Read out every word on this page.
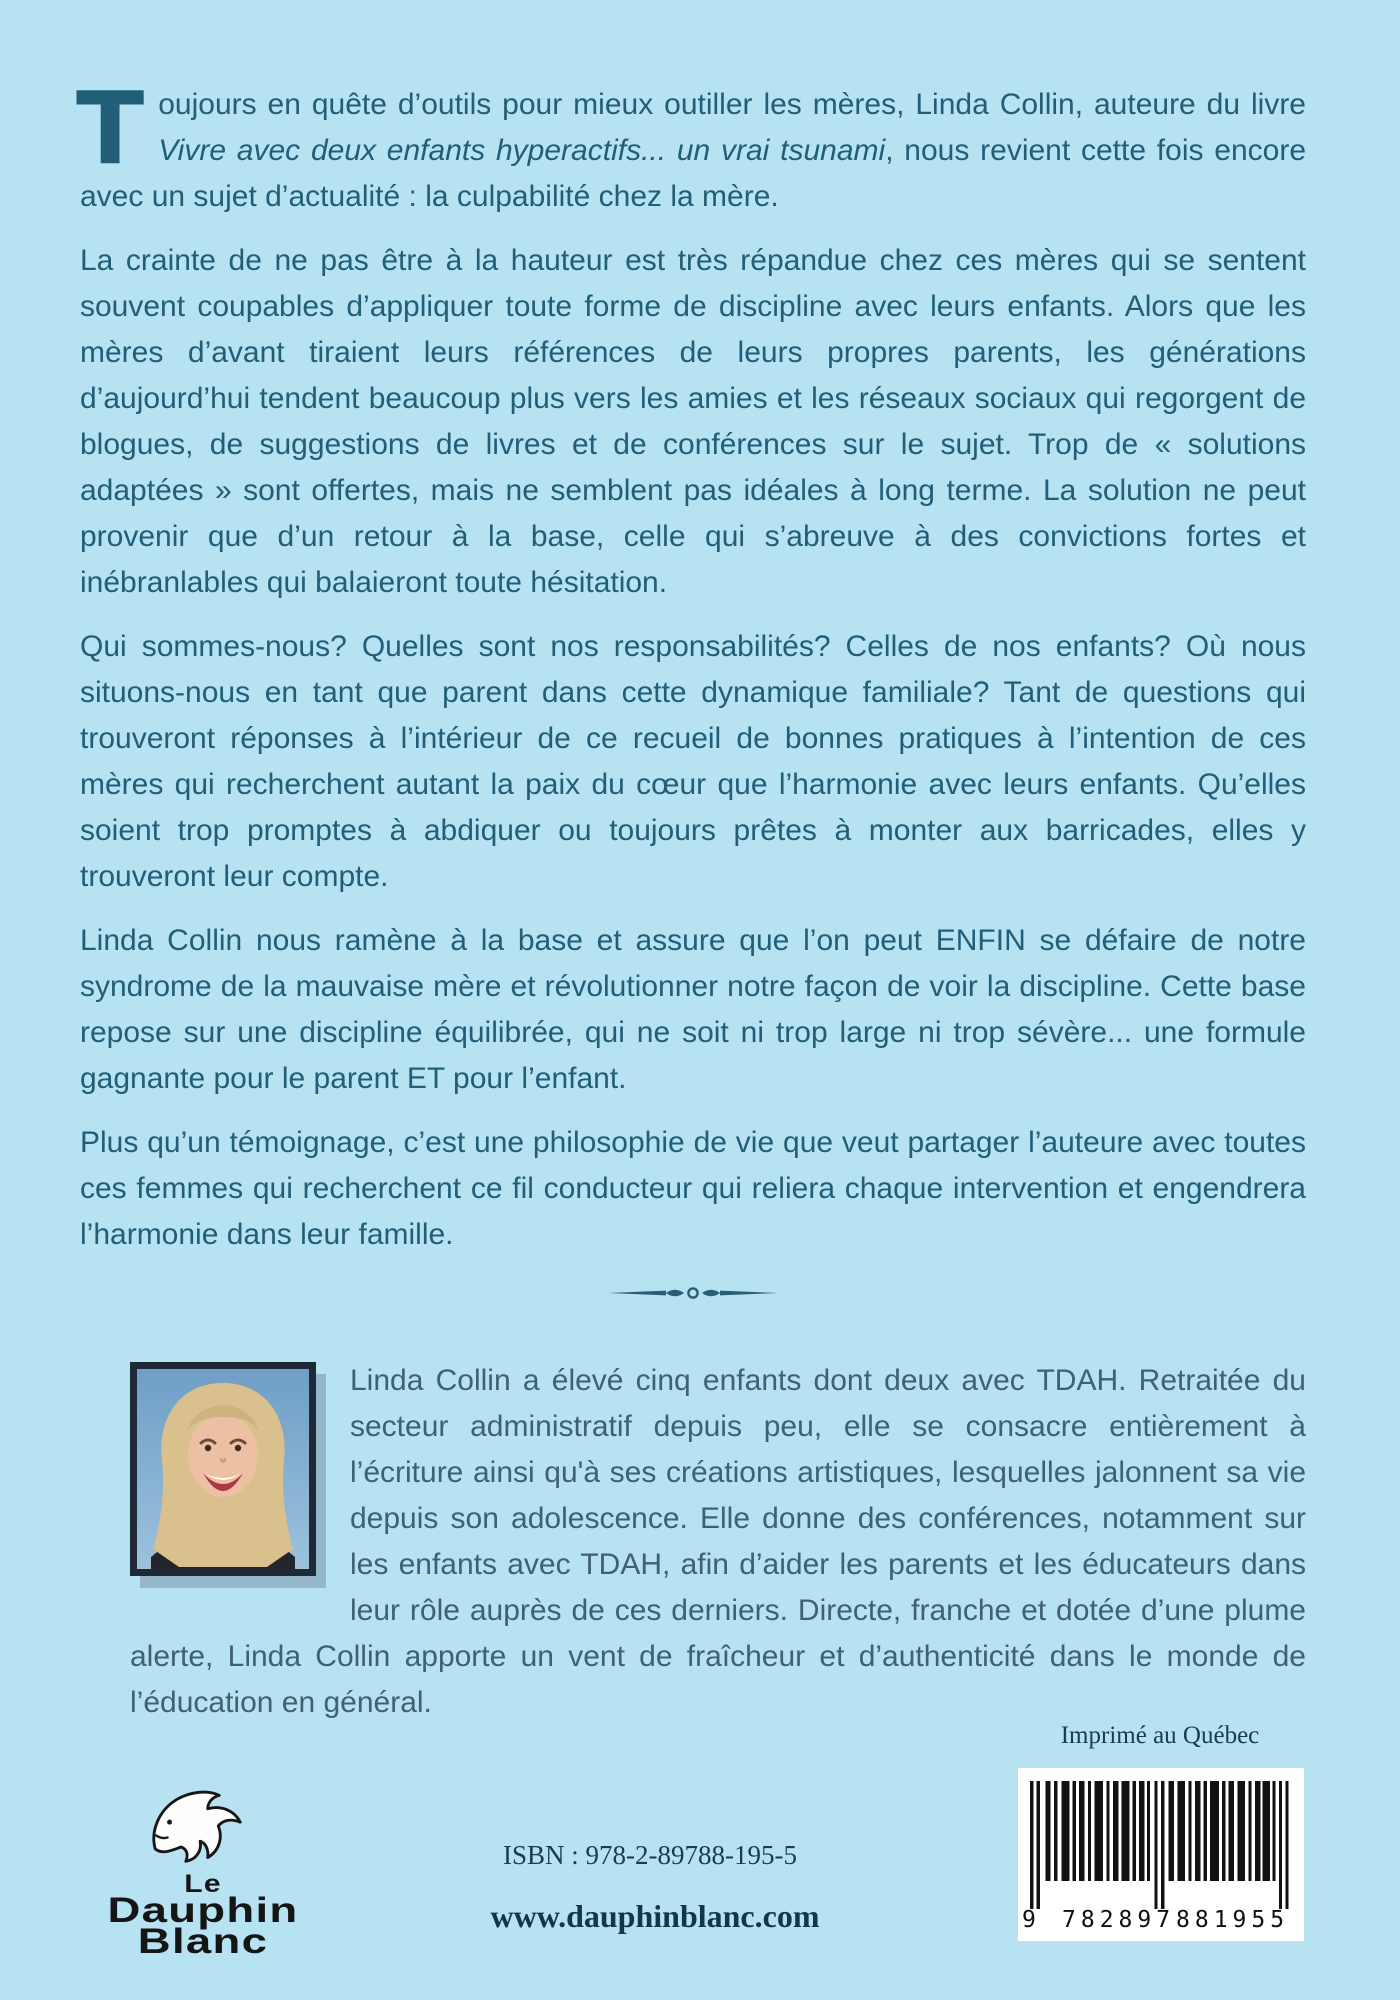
Toujours en quête d’outils pour mieux outiller les mères, Linda Collin, auteure du livre Vivre avec deux enfants hyperactifs... un vrai tsunami, nous revient cette fois encore avec un sujet d’actualité : la culpabilité chez la mère.

La crainte de ne pas être à la hauteur est très répandue chez ces mères qui se sentent souvent coupables d’appliquer toute forme de discipline avec leurs enfants. Alors que les mères d’avant tiraient leurs références de leurs propres parents, les générations d’aujourd’hui tendent beaucoup plus vers les amies et les réseaux sociaux qui regorgent de blogues, de suggestions de livres et de conférences sur le sujet. Trop de « solutions adaptées » sont offertes, mais ne semblent pas idéales à long terme. La solution ne peut provenir que d’un retour à la base, celle qui s’abreuve à des convictions fortes et inébranlables qui balaieront toute hésitation.

Qui sommes-nous? Quelles sont nos responsabilités? Celles de nos enfants? Où nous situons-nous en tant que parent dans cette dynamique familiale? Tant de questions qui trouveront réponses à l’intérieur de ce recueil de bonnes pratiques à l’intention de ces mères qui recherchent autant la paix du cœur que l’harmonie avec leurs enfants. Qu’elles soient trop promptes à abdiquer ou toujours prêtes à monter aux barricades, elles y trouveront leur compte.

Linda Collin nous ramène à la base et assure que l’on peut ENFIN se défaire de notre syndrome de la mauvaise mère et révolutionner notre façon de voir la discipline. Cette base repose sur une discipline équilibrée, qui ne soit ni trop large ni trop sévère... une formule gagnante pour le parent ET pour l’enfant.

Plus qu’un témoignage, c’est une philosophie de vie que veut partager l’auteure avec toutes ces femmes qui recherchent ce fil conducteur qui reliera chaque intervention et engendrera l’harmonie dans leur famille.

Linda Collin a élevé cinq enfants dont deux avec TDAH. Retraitée du secteur administratif depuis peu, elle se consacre entièrement à l’écriture ainsi qu'à ses créations artistiques, lesquelles jalonnent sa vie depuis son adolescence. Elle donne des conférences, notamment sur les enfants avec TDAH, afin d’aider les parents et les éducateurs dans leur rôle auprès de ces derniers. Directe, franche et dotée d’une plume alerte, Linda Collin apporte un vent de fraîcheur et d’authenticité dans le monde de l’éducation en général.

Imprimé au Québec
9 782897 881955
Le
Dauphin
Blanc
ISBN : 978-2-89788-195-5
www.dauphinblanc.com
